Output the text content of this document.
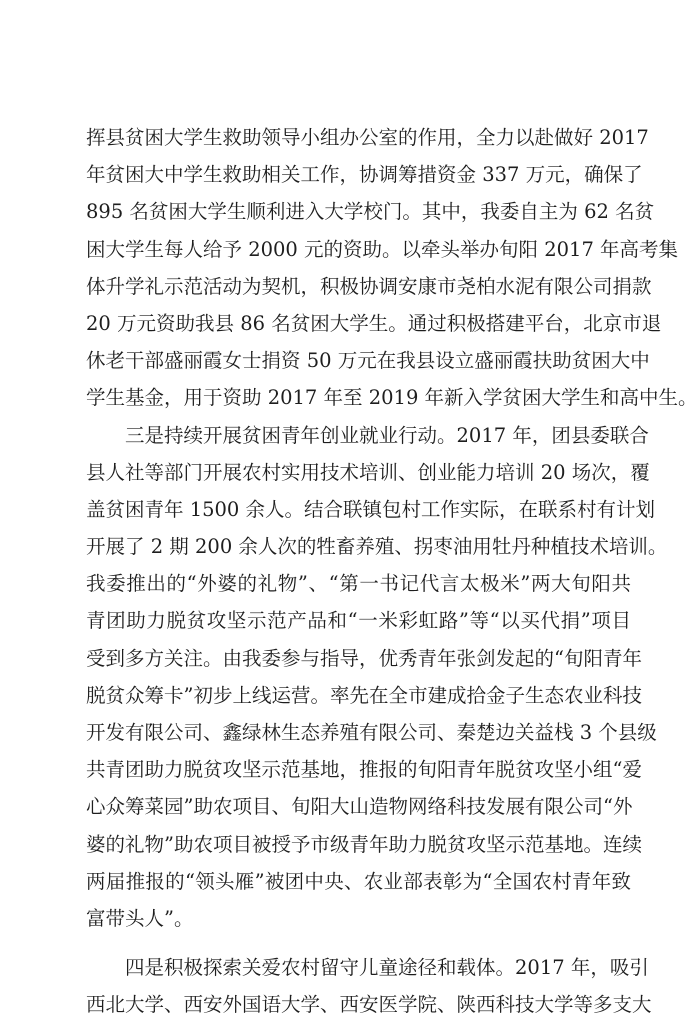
挥县贫困大学生救助领导小组办公室的作用，全力以赴做好 2017
年贫困大中学生救助相关工作，协调筹措资金 337 万元，确保了
895 名贫困大学生顺利进入大学校门。其中，我委自主为 62 名贫
困大学生每人给予 2000 元的资助。以牵头举办旬阳 2017 年高考集
体升学礼示范活动为契机，积极协调安康市尧柏水泥有限公司捐款
20 万元资助我县 86 名贫困大学生。通过积极搭建平台，北京市退
休老干部盛丽霞女士捐资 50 万元在我县设立盛丽霞扶助贫困大中
学生基金，用于资助 2017 年至 2019 年新入学贫困大学生和高中生。
三是持续开展贫困青年创业就业行动。2017 年，团县委联合
县人社等部门开展农村实用技术培训、创业能力培训 20 场次，覆
盖贫困青年 1500 余人。结合联镇包村工作实际，在联系村有计划
开展了 2 期 200 余人次的牲畜养殖、拐枣油用牡丹种植技术培训。
我委推出的“外婆的礼物”、“第一书记代言太极米”两大旬阳共
青团助力脱贫攻坚示范产品和“一米彩虹路”等“以买代捐”项目
受到多方关注。由我委参与指导，优秀青年张剑发起的“旬阳青年
脱贫众筹卡”初步上线运营。率先在全市建成拾金子生态农业科技
开发有限公司、鑫绿林生态养殖有限公司、秦楚边关益栈 3 个县级
共青团助力脱贫攻坚示范基地，推报的旬阳青年脱贫攻坚小组“爱
心众筹菜园”助农项目、旬阳大山造物网络科技发展有限公司“外
婆的礼物”助农项目被授予市级青年助力脱贫攻坚示范基地。连续
两届推报的“领头雁”被团中央、农业部表彰为“全国农村青年致
富带头人”。
四是积极探索关爱农村留守儿童途径和载体。2017 年，吸引
西北大学、西安外国语大学、西安医学院、陕西科技大学等多支大
